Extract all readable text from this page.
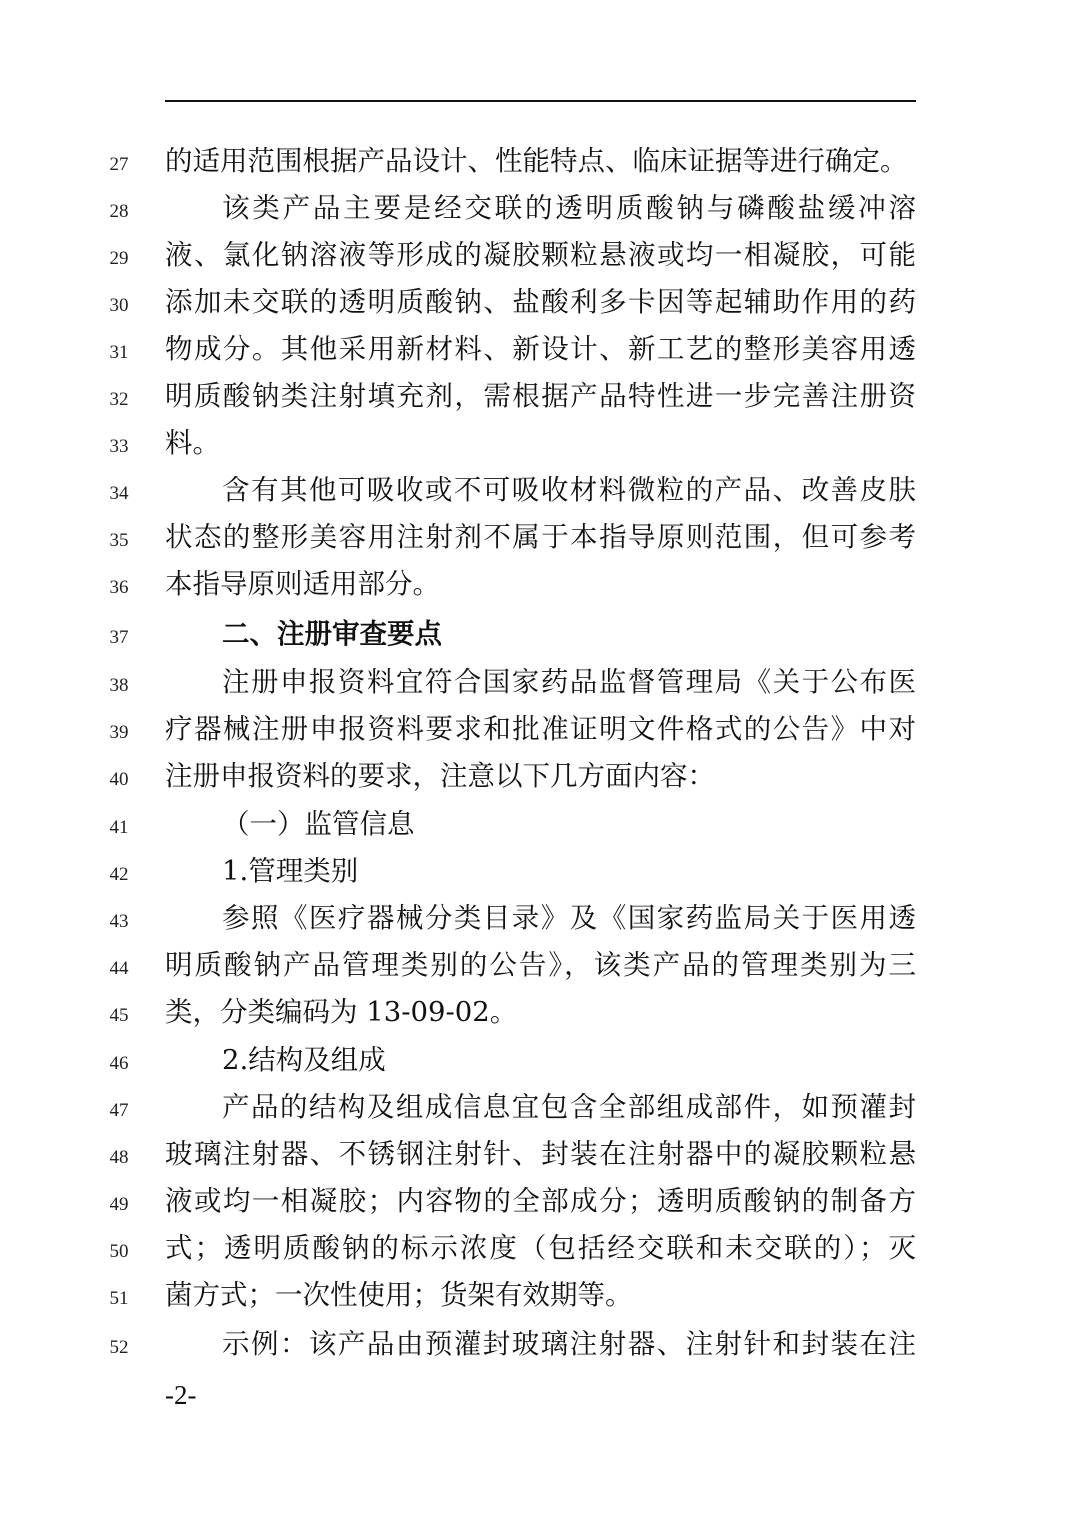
27	的适用范围根据产品设计、性能特点、临床证据等进行确定。
28	该类产品主要是经交联的透明质酸钠与磷酸盐缓冲溶
29	液、氯化钠溶液等形成的凝胶颗粒悬液或均一相凝胶，可能
30	添加未交联的透明质酸钠、盐酸利多卡因等起辅助作用的药
31	物成分。其他采用新材料、新设计、新工艺的整形美容用透
32	明质酸钠类注射填充剂，需根据产品特性进一步完善注册资
33	料。
34	含有其他可吸收或不可吸收材料微粒的产品、改善皮肤
35	状态的整形美容用注射剂不属于本指导原则范围，但可参考
36	本指导原则适用部分。
37	二、注册审查要点
38	注册申报资料宜符合国家药品监督管理局《关于公布医
39	疗器械注册申报资料要求和批准证明文件格式的公告》中对
40	注册申报资料的要求，注意以下几方面内容：
41	（一）监管信息
42	1.管理类别
43	参照《医疗器械分类目录》及《国家药监局关于医用透
44	明质酸钠产品管理类别的公告》，该类产品的管理类别为三
45	类，分类编码为 13-09-02。
46	2.结构及组成
47	产品的结构及组成信息宜包含全部组成部件，如预灌封
48	玻璃注射器、不锈钢注射针、封装在注射器中的凝胶颗粒悬
49	液或均一相凝胶；内容物的全部成分；透明质酸钠的制备方
50	式；透明质酸钠的标示浓度（包括经交联和未交联的）；灭
51	菌方式；一次性使用；货架有效期等。
52	示例：该产品由预灌封玻璃注射器、注射针和封装在注
-2-
